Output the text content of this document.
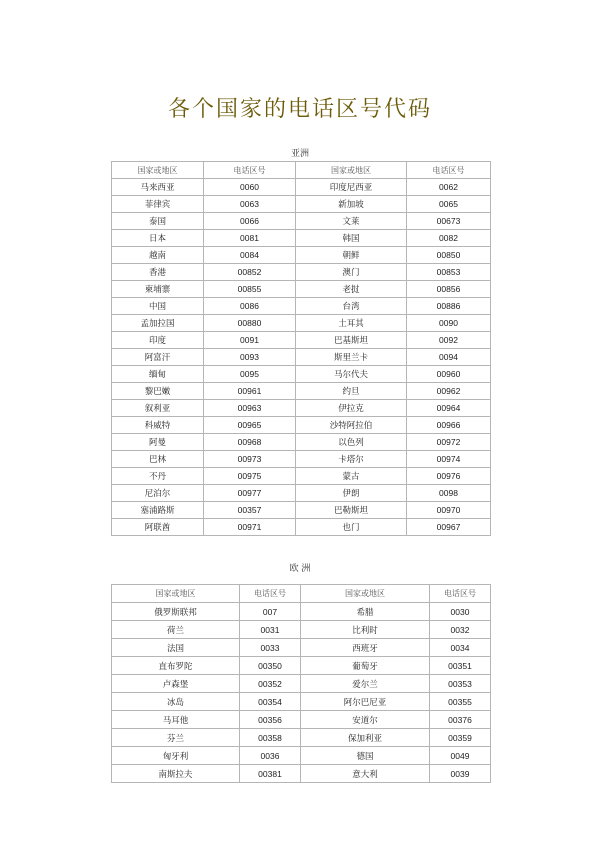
各个国家的电话区号代码
亚洲
国家或地区	电话区号	国家或地区	电话区号
马来西亚	0060	印度尼西亚	0062
菲律宾	0063	新加坡	0065
泰国	0066	文莱	00673
日本	0081	韩国	0082
越南	0084	朝鲜	00850
香港	00852	澳门	00853
柬埔寨	00855	老挝	00856
中国	0086	台湾	00886
孟加拉国	00880	土耳其	0090
印度	0091	巴基斯坦	0092
阿富汗	0093	斯里兰卡	0094
缅甸	0095	马尔代夫	00960
黎巴嫩	00961	约旦	00962
叙利亚	00963	伊拉克	00964
科威特	00965	沙特阿拉伯	00966
阿曼	00968	以色列	00972
巴林	00973	卡塔尔	00974
不丹	00975	蒙古	00976
尼泊尔	00977	伊朗	0098
塞浦路斯	00357	巴勒斯坦	00970
阿联酋	00971	也门	00967
欧 洲
国家或地区	电话区号	国家或地区	电话区号
俄罗斯联邦	007	希腊	0030
荷兰	0031	比利时	0032
法国	0033	西班牙	0034
直布罗陀	00350	葡萄牙	00351
卢森堡	00352	爱尔兰	00353
冰岛	00354	阿尔巴尼亚	00355
马耳他	00356	安道尔	00376
芬兰	00358	保加利亚	00359
匈牙利	0036	德国	0049
南斯拉夫	00381	意大利	0039
